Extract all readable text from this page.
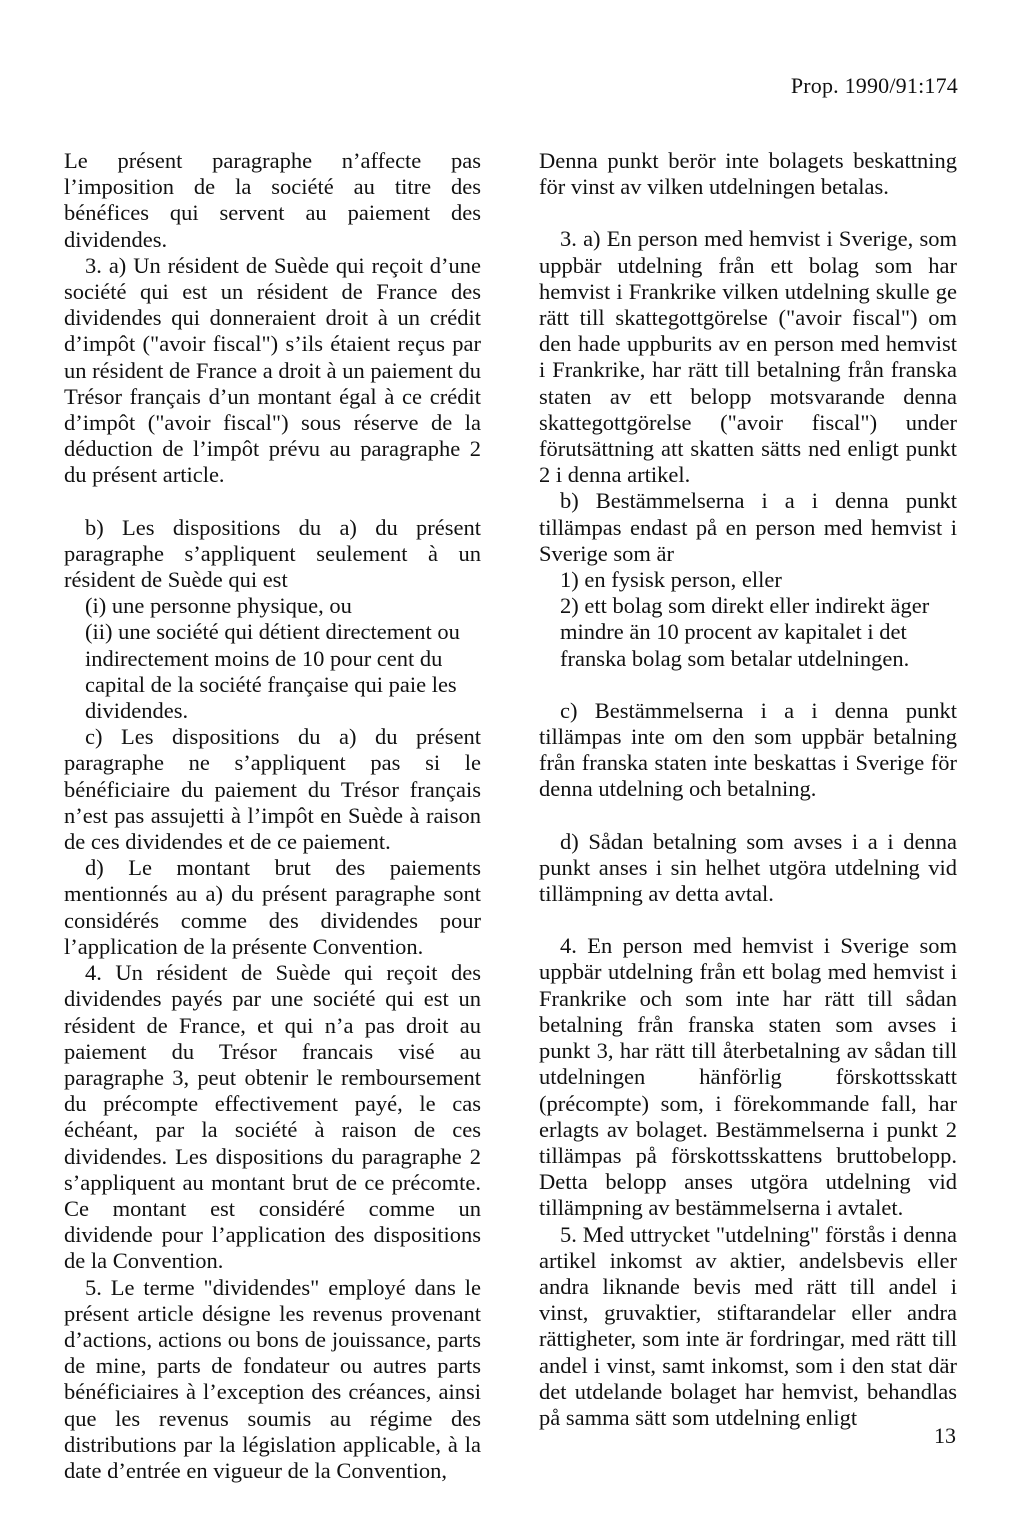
Prop. 1990/91:174

Le présent paragraphe n’affecte pas l’imposition de la société au titre des bénéfices qui servent au paiement des dividendes.

3. a) Un résident de Suède qui reçoit d’une société qui est un résident de France des dividendes qui donneraient droit à un crédit d’impôt ("avoir fiscal") s’ils étaient reçus par un résident de France a droit à un paiement du Trésor français d’un montant égal à ce crédit d’impôt ("avoir fiscal") sous réserve de la déduction de l’impôt prévu au paragraphe 2 du présent article.

b) Les dispositions du a) du présent paragraphe s’appliquent seulement à un résident de Suède qui est

(i) une personne physique, ou

(ii) une société qui détient directement ou indirectement moins de 10 pour cent du capital de la société française qui paie les dividendes.

c) Les dispositions du a) du présent paragraphe ne s’appliquent pas si le bénéficiaire du paiement du Trésor français n’est pas assujetti à l’impôt en Suède à raison de ces dividendes et de ce paiement.

d) Le montant brut des paiements mentionnés au a) du présent paragraphe sont considérés comme des dividendes pour l’application de la présente Convention.

4. Un résident de Suède qui reçoit des dividendes payés par une société qui est un résident de France, et qui n’a pas droit au paiement du Trésor francais visé au paragraphe 3, peut obtenir le remboursement du précompte effectivement payé, le cas échéant, par la société à raison de ces dividendes. Les dispositions du paragraphe 2 s’appliquent au montant brut de ce précomte. Ce montant est considéré comme un dividende pour l’application des dispositions de la Convention.

5. Le terme "dividendes" employé dans le présent article désigne les revenus provenant d’actions, actions ou bons de jouissance, parts de mine, parts de fondateur ou autres parts bénéficiaires à l’exception des créances, ainsi que les revenus soumis au régime des distributions par la législation applicable, à la date d’entrée en vigueur de la Convention,

Denna punkt berör inte bolagets beskattning för vinst av vilken utdelningen betalas.

3. a) En person med hemvist i Sverige, som uppbär utdelning från ett bolag som har hemvist i Frankrike vilken utdelning skulle ge rätt till skattegottgörelse ("avoir fiscal") om den hade uppburits av en person med hemvist i Frankrike, har rätt till betalning från franska staten av ett belopp motsvarande denna skattegottgörelse ("avoir fiscal") under förutsättning att skatten sätts ned enligt punkt 2 i denna artikel.

b) Bestämmelserna i a i denna punkt tillämpas endast på en person med hemvist i Sverige som är

1) en fysisk person, eller

2) ett bolag som direkt eller indirekt äger mindre än 10 procent av kapitalet i det franska bolag som betalar utdelningen.

c) Bestämmelserna i a i denna punkt tillämpas inte om den som uppbär betalning från franska staten inte beskattas i Sverige för denna utdelning och betalning.

d) Sådan betalning som avses i a i denna punkt anses i sin helhet utgöra utdelning vid tillämpning av detta avtal.

4. En person med hemvist i Sverige som uppbär utdelning från ett bolag med hemvist i Frankrike och som inte har rätt till sådan betalning från franska staten som avses i punkt 3, har rätt till återbetalning av sådan till utdelningen hänförlig förskottsskatt (précompte) som, i förekommande fall, har erlagts av bolaget. Bestämmelserna i punkt 2 tillämpas på förskottsskattens bruttobelopp. Detta belopp anses utgöra utdelning vid tillämpning av bestämmelserna i avtalet.

5. Med uttrycket "utdelning" förstås i denna artikel inkomst av aktier, andelsbevis eller andra liknande bevis med rätt till andel i vinst, gruvaktier, stiftarandelar eller andra rättigheter, som inte är fordringar, med rätt till andel i vinst, samt inkomst, som i den stat där det utdelande bolaget har hemvist, behandlas på samma sätt som utdelning enligt

13
